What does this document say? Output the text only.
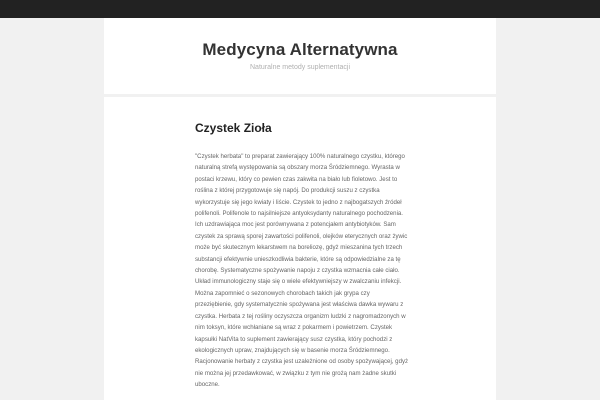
Medycyna Alternatywna
Naturalne metody suplementacji
Czystek Zioła

"Czystek herbata" to preparat zawierający 100% naturalnego czystku, którego naturalną strefą występowania są obszary morza Śródziemnego. Wyrasta w postaci krzewu, który co pewien czas zakwita na biało lub fioletowo. Jest to roślina z której przygotowuje się napój. Do produkcji suszu z czystka wykorzystuje się jego kwiaty i liście. Czystek to jedno z najbogatszych źródeł polifenoli. Polifenole to najsilniejsze antyoksydanty naturalnego pochodzenia. Ich uzdrawiająca moc jest porównywana z potencjałem antybiotyków. Sam czystek za sprawą sporej zawartości polifenoli, olejków eterycznych oraz żywic może być skutecznym lekarstwem na boreliozę, gdyż mieszanina tych trzech substancji efektywnie unieszkodliwia bakterie, które są odpowiedzialne za tę chorobę. Systematyczne spożywanie napoju z czystka wzmacnia całe ciało. Układ immunologiczny staje się o wiele efektywniejszy w zwalczaniu infekcji. Można zapomnieć o sezonowych chorobach takich jak grypa czy przeziębienie, gdy systematycznie spożywana jest właściwa dawka wywaru z czystka. Herbata z tej rośliny oczyszcza organizm ludzki z nagromadzonych w nim toksyn, które wchłaniane są wraz z pokarmem i powietrzem. Czystek kapsułki NatVita to suplement zawierający susz czystka, który pochodzi z ekologicznych upraw, znajdujących się w basenie morza Śródziemnego. Racjonowanie herbaty z czystka jest uzależnione od osoby spożywającej, gdyż nie można jej przedawkować, w związku z tym nie grożą nam żadne skutki uboczne.
